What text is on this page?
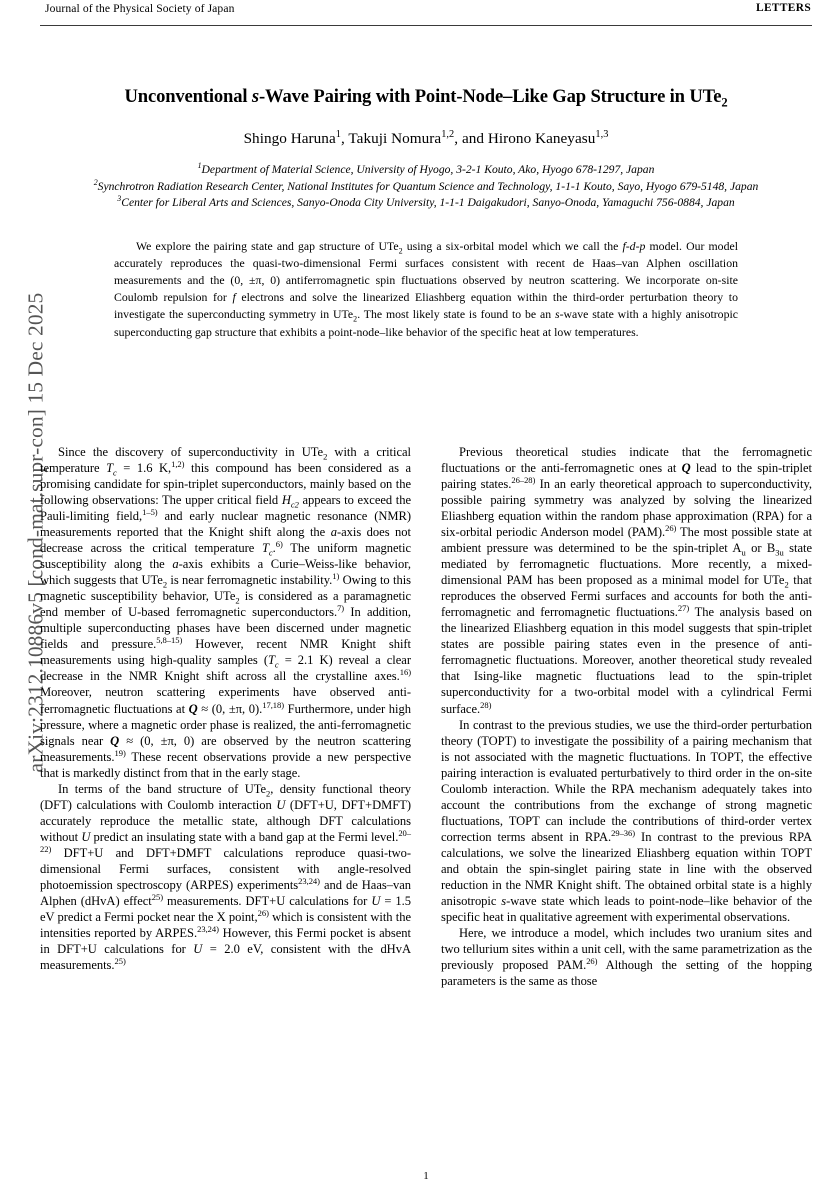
arXiv:2312.10886v5 [cond-mat.supr-con] 15 Dec 2025
Journal of the Physical Society of Japan	LETTERS
Unconventional s-Wave Pairing with Point-Node–Like Gap Structure in UTe$_2$
Shingo Haruna$^1$, Takuji Nomura$^{1,2}$, and Hirono Kaneyasu$^{1,3}$
$^1$Department of Material Science, University of Hyogo, 3-2-1 Kouto, Ako, Hyogo 678-1297, Japan
$^2$Synchrotron Radiation Research Center, National Institutes for Quantum Science and Technology, 1-1-1 Kouto, Sayo, Hyogo 679-5148, Japan
$^3$Center for Liberal Arts and Sciences, Sanyo-Onoda City University, 1-1-1 Daigakudori, Sanyo-Onoda, Yamaguchi 756-0884, Japan
We explore the pairing state and gap structure of UTe$_2$ using a six-orbital model which we call the f-d-p model. Our model accurately reproduces the quasi-two-dimensional Fermi surfaces consistent with recent de Haas–van Alphen oscillation measurements and the (0, ±π, 0) antiferromagnetic spin fluctuations observed by neutron scattering. We incorporate on-site Coulomb repulsion for f electrons and solve the linearized Eliashberg equation within the third-order perturbation theory to investigate the superconducting symmetry in UTe$_2$. The most likely state is found to be an s-wave state with a highly anisotropic superconducting gap structure that exhibits a point-node–like behavior of the specific heat at low temperatures.

Since the discovery of superconductivity in UTe$_2$ with a critical temperature $T_c = 1.6$ K,$^{1,2)}$ this compound has been considered as a promising candidate for spin-triplet superconductors, mainly based on the following observations: The upper critical field $H_{c2}$ appears to exceed the Pauli-limiting field,$^{1-5)}$ and early nuclear magnetic resonance (NMR) measurements reported that the Knight shift along the a-axis does not decrease across the critical temperature $T_c.^{6)}$ The uniform magnetic susceptibility along the a-axis exhibits a Curie–Weiss-like behavior, which suggests that UTe$_2$ is near ferromagnetic instability.$^{1)}$ Owing to this magnetic susceptibility behavior, UTe$_2$ is considered as a paramagnetic end member of U-based ferromagnetic superconductors.$^{7)}$ In addition, multiple superconducting phases have been discerned under magnetic fields and pressure.$^{5,8-15)}$ However, recent NMR Knight shift measurements using high-quality samples ($T_c = 2.1$ K) reveal a clear decrease in the NMR Knight shift across all the crystalline axes.$^{16)}$ Moreover, neutron scattering experiments have observed anti-ferromagnetic fluctuations at Q ≈ (0, ±π, 0).$^{17,18)}$ Furthermore, under high pressure, where a magnetic order phase is realized, the anti-ferromagnetic signals near Q ≈ (0, ±π, 0) are observed by the neutron scattering measurements.$^{19)}$ These recent observations provide a new perspective that is markedly distinct from that in the early stage.

In terms of the band structure of UTe$_2$, density functional theory (DFT) calculations with Coulomb interaction U (DFT+U, DFT+DMFT) accurately reproduce the metallic state, although DFT calculations without U predict an insulating state with a band gap at the Fermi level.$^{20-22)}$ DFT+U and DFT+DMFT calculations reproduce quasi-two-dimensional Fermi surfaces, consistent with angle-resolved photoemission spectroscopy (ARPES) experiments$^{23,24)}$ and de Haas–van Alphen (dHvA) effect$^{25)}$ measurements. DFT+U calculations for U = 1.5 eV predict a Fermi pocket near the X point,$^{26)}$ which is consistent with the intensities reported by ARPES.$^{23,24)}$ However, this Fermi pocket is absent in DFT+U calculations for U = 2.0 eV, consistent with the dHvA measurements.$^{25)}$

Previous theoretical studies indicate that the ferromagnetic fluctuations or the anti-ferromagnetic ones at Q lead to the spin-triplet pairing states.$^{26-28)}$ In an early theoretical approach to superconductivity, possible pairing symmetry was analyzed by solving the linearized Eliashberg equation within the random phase approximation (RPA) for a six-orbital periodic Anderson model (PAM).$^{26)}$ The most possible state at ambient pressure was determined to be the spin-triplet $A_u$ or $B_{3u}$ state mediated by ferromagnetic fluctuations. More recently, a mixed-dimensional PAM has been proposed as a minimal model for UTe$_2$ that reproduces the observed Fermi surfaces and accounts for both the anti-ferromagnetic and ferromagnetic fluctuations.$^{27)}$ The analysis based on the linearized Eliashberg equation in this model suggests that spin-triplet states are possible pairing states even in the presence of anti-ferromagnetic fluctuations. Moreover, another theoretical study revealed that Ising-like magnetic fluctuations lead to the spin-triplet superconductivity for a two-orbital model with a cylindrical Fermi surface.$^{28)}$

In contrast to the previous studies, we use the third-order perturbation theory (TOPT) to investigate the possibility of a pairing mechanism that is not associated with the magnetic fluctuations. In TOPT, the effective pairing interaction is evaluated perturbatively to third order in the on-site Coulomb interaction. While the RPA mechanism adequately takes into account the contributions from the exchange of strong magnetic fluctuations, TOPT can include the contributions of third-order vertex correction terms absent in RPA.$^{29-36)}$ In contrast to the previous RPA calculations, we solve the linearized Eliashberg equation within TOPT and obtain the spin-singlet pairing state in line with the observed reduction in the NMR Knight shift. The obtained orbital state is a highly anisotropic s-wave state which leads to point-node–like behavior of the specific heat in qualitative agreement with experimental observations.

Here, we introduce a model, which includes two uranium sites and two tellurium sites within a unit cell, with the same parametrization as the previously proposed PAM.$^{26)}$ Although the setting of the hopping parameters is the same as those

1
